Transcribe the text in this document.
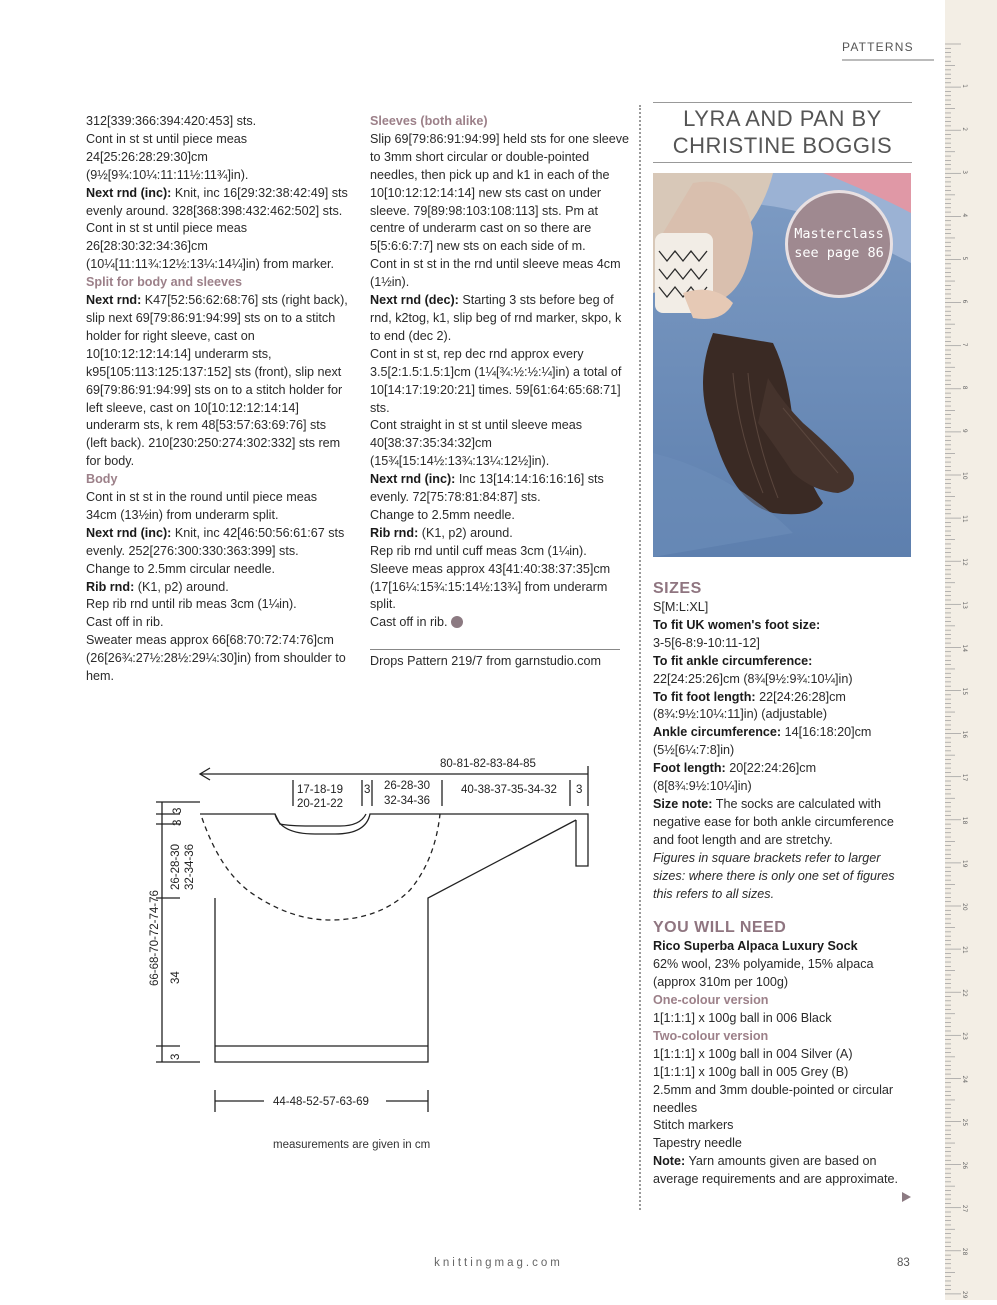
PATTERNS

312[339:366:394:420:453] sts.

Cont in st st until piece meas 24[25:26:28:29:30]cm (9½[9¾:10¼:11:11½:11¾]in).

Next rnd (inc): Knit, inc 16[29:32:38:42:49] sts evenly around. 328[368:398:432:462:502] sts.

Cont in st st until piece meas 26[28:30:32:34:36]cm (10¼[11:11¾:12½:13¼:14¼]in) from marker.

Split for body and sleeves

Next rnd: K47[52:56:62:68:76] sts (right back), slip next 69[79:86:91:94:99] sts on to a stitch holder for right sleeve, cast on 10[10:12:12:14:14] underarm sts, k95[105:113:125:137:152] sts (front), slip next 69[79:86:91:94:99] sts on to a stitch holder for left sleeve, cast on 10[10:12:12:14:14] underarm sts, k rem 48[53:57:63:69:76] sts (left back). 210[230:250:274:302:332] sts rem for body.

Body

Cont in st st in the round until piece meas 34cm (13½in) from underarm split.

Next rnd (inc): Knit, inc 42[46:50:56:61:67 sts evenly. 252[276:300:330:363:399] sts.

Change to 2.5mm circular needle.

Rib rnd: (K1, p2) around.

Rep rib rnd until rib meas 3cm (1¼in).

Cast off in rib.

Sweater meas approx 66[68:70:72:74:76]cm (26[26¾:27½:28½:29¼:30]in) from shoulder to hem.

Sleeves (both alike)

Slip 69[79:86:91:94:99] held sts for one sleeve to 3mm short circular or double-pointed needles, then pick up and k1 in each of the 10[10:12:12:14:14] new sts cast on under sleeve. 79[89:98:103:108:113] sts. Pm at centre of underarm cast on so there are 5[5:6:6:7:7] new sts on each side of m.

Cont in st st in the rnd until sleeve meas 4cm (1½in).

Next rnd (dec): Starting 3 sts before beg of rnd, k2tog, k1, slip beg of rnd marker, skpo, k to end (dec 2).

Cont in st st, rep dec rnd approx every 3.5[2:1.5:1.5:1]cm (1¼[¾:½:½:¼]in) a total of 10[14:17:19:20:21] times. 59[61:64:65:68:71] sts.

Cont straight in st st until sleeve meas 40[38:37:35:34:32]cm (15¾[15:14½:13¾:13¼:12½]in).

Next rnd (inc): Inc 13[14:14:16:16:16] sts evenly. 72[75:78:81:84:87] sts.

Change to 2.5mm needle.

Rib rnd: (K1, p2) around.

Rep rib rnd until cuff meas 3cm (1¼in).

Sleeve meas approx 43[41:40:38:37:35]cm (17[16¼:15¾:15:14½:13¾] from underarm split.

Cast off in rib.

Drops Pattern 219/7 from garnstudio.com
LYRA AND PAN BY
CHRISTINE BOGGIS
Masterclass
see page 86

SIZES

S[M:L:XL]

To fit UK women's foot size:

3-5[6-8:9-10:11-12]

To fit ankle circumference:

22[24:25:26]cm (8¾[9½:9¾:10¼]in)

To fit foot length: 22[24:26:28]cm (8¾:9½:10¼:11]in) (adjustable)

Ankle circumference: 14[16:18:20]cm (5½[6¼:7:8]in)

Foot length: 20[22:24:26]cm (8[8¾:9½:10¼]in)

Size note: The socks are calculated with negative ease for both ankle circumference and foot length and are stretchy.

Figures in square brackets refer to larger sizes: where there is only one set of figures this refers to all sizes.

YOU WILL NEED

Rico Superba Alpaca Luxury Sock

62% wool, 23% polyamide, 15% alpaca (approx 310m per 100g)

One-colour version

1[1:1:1] x 100g ball in 006 Black

Two-colour version

1[1:1:1] x 100g ball in 004 Silver (A)

1[1:1:1] x 100g ball in 005 Grey (B)

2.5mm and 3mm double-pointed or circular needles

Stitch markers

Tapestry needle

Note: Yarn amounts given are based on average requirements and are approximate.

80-81-82-83-84-85
17-18-19
20-21-22
3 26-28-30
32-34-36
40-38-37-35-34-32 3
66-68-70-72-74-76
26-28-30 32-34-36
34
3
3
3
44-48-52-57-63-69
measurements are given in cm
1
2
3
4
5
6
7
8
9
10
11
12
13
14
15
16
17
18
19
20
21
22
23
24
25
26
27
28
29
knittingmag.com	83
